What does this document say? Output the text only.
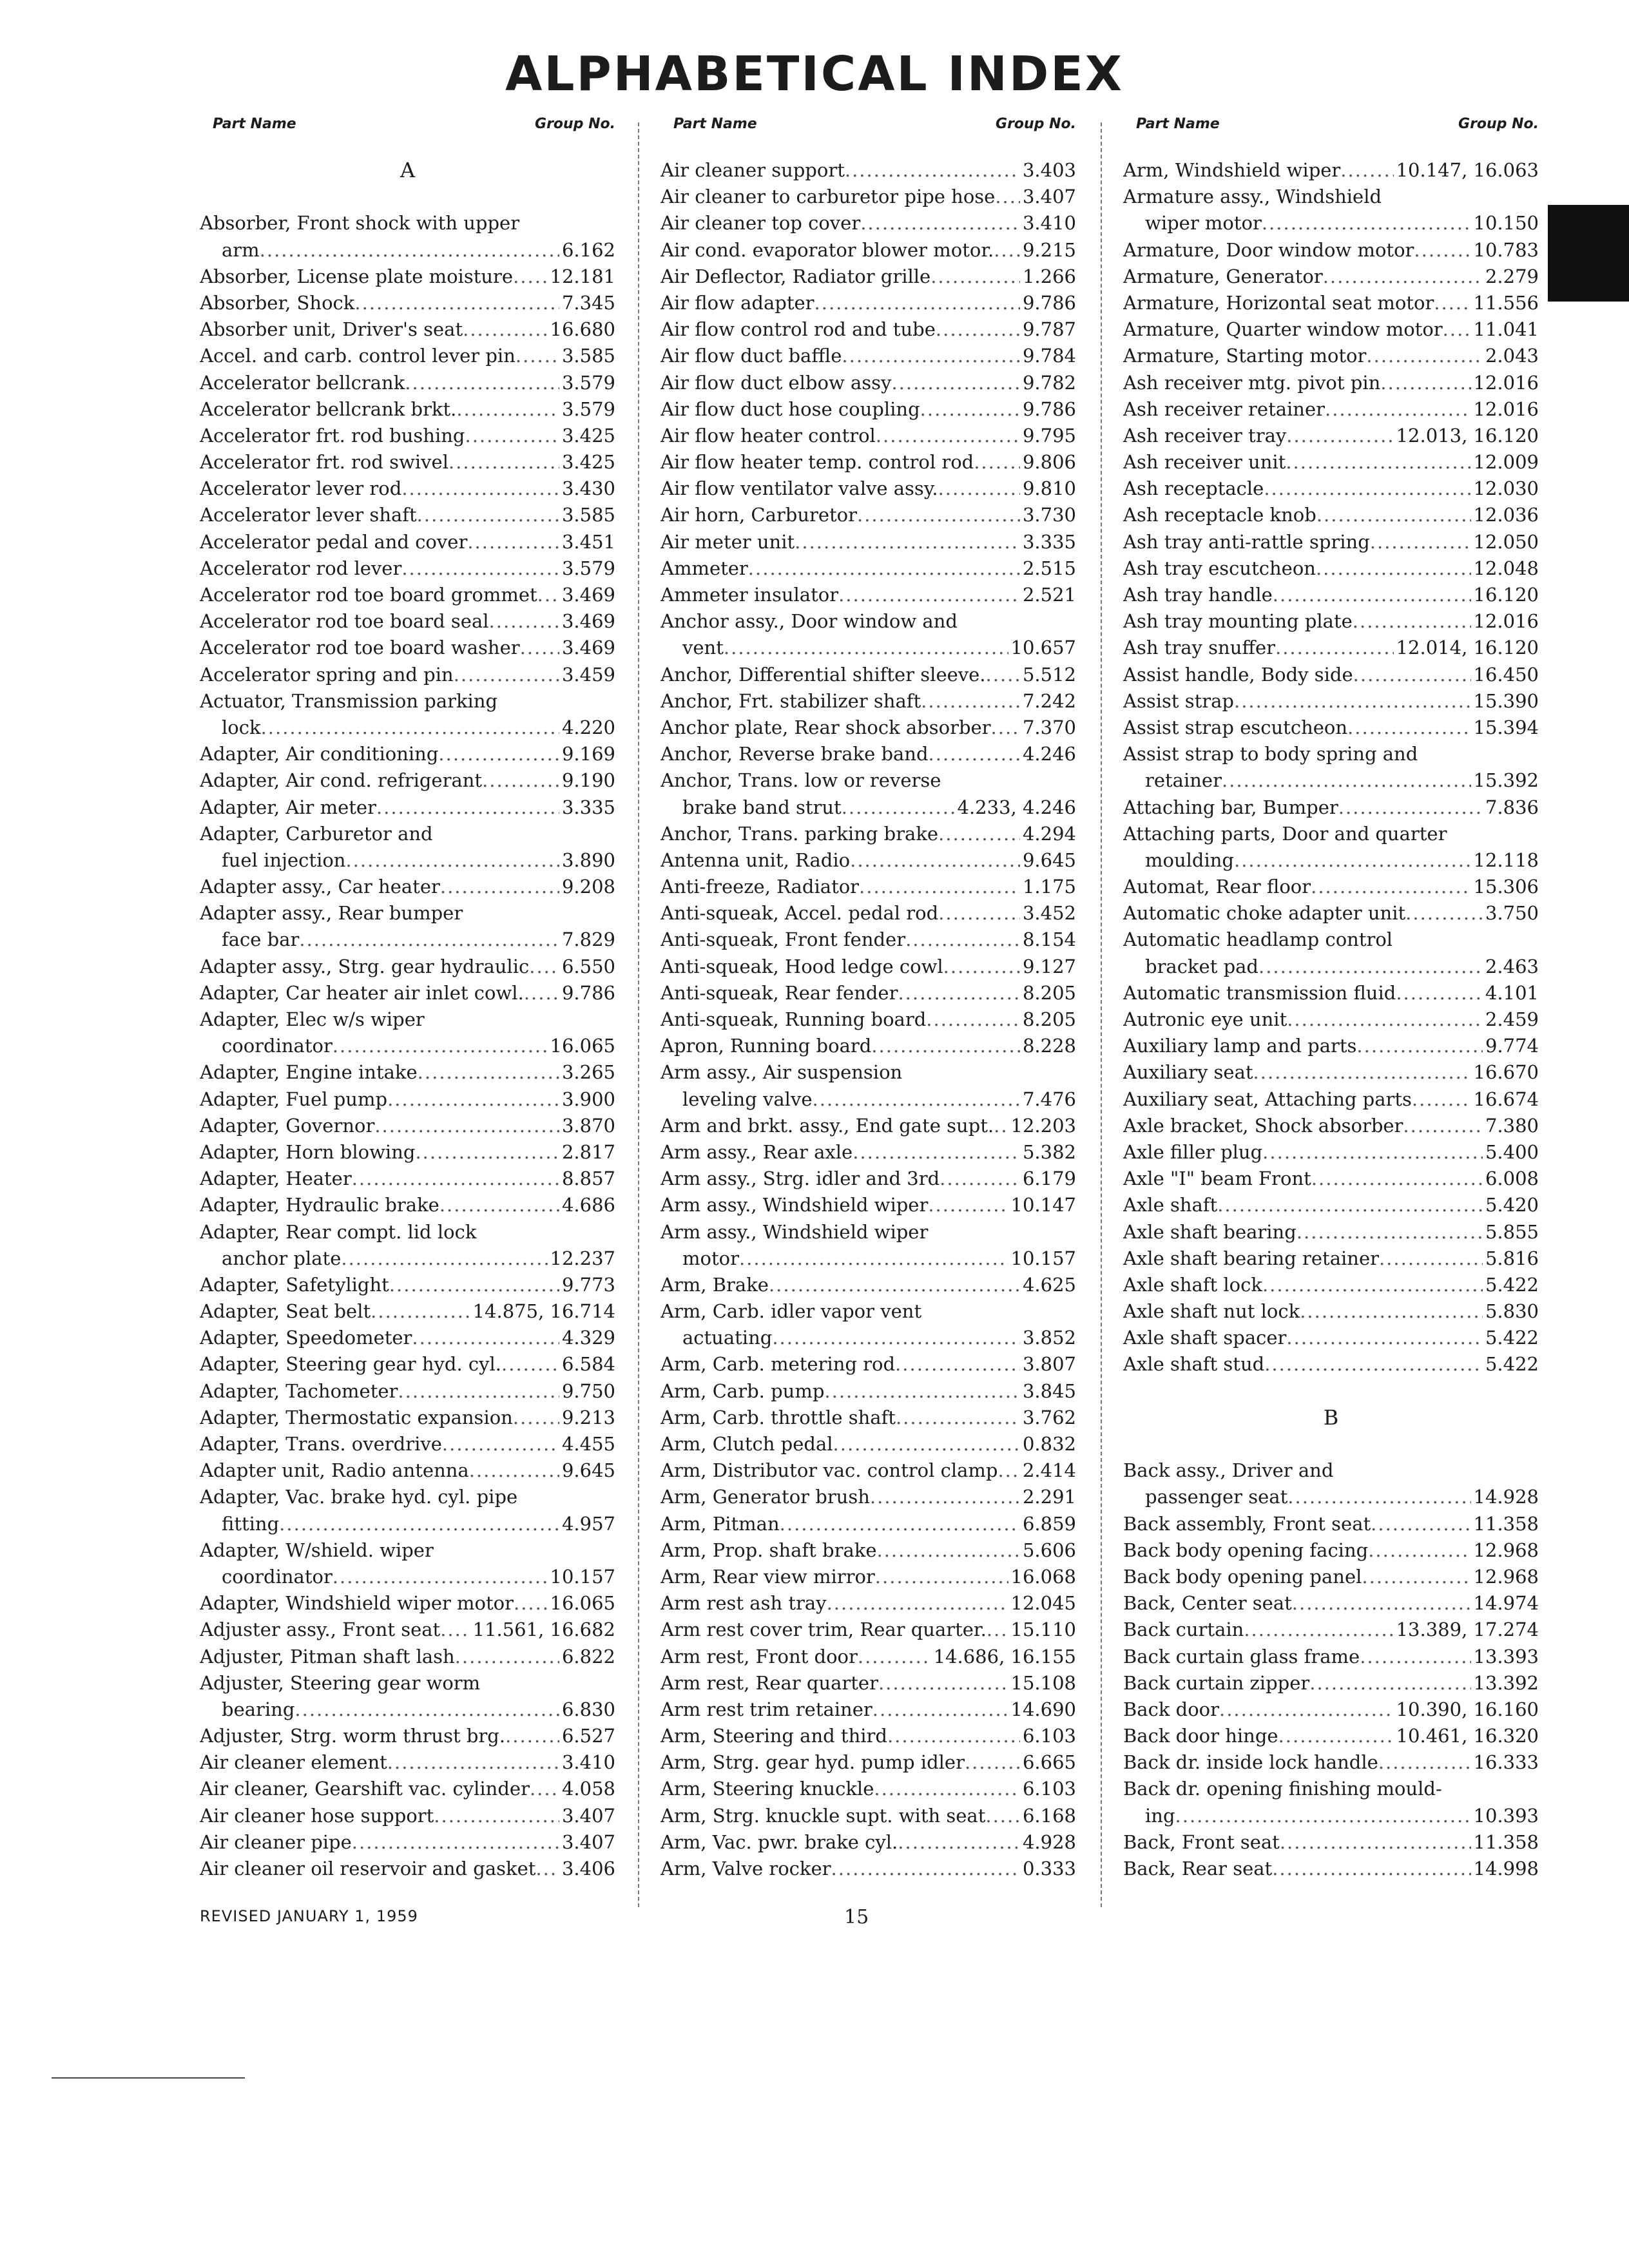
ALPHABETICAL INDEX
Part Name	Group No.
A
Absorber, Front shock with upper
arm .....	6.162
Absorber, License plate moisture ..... 12.181
Absorber, Shock .....	7.345
Absorber unit, Driver's seat .....	16.680
Accel. and carb. control lever pin ..... 3.585
Accelerator bellcrank .....	3.579
Accelerator bellcrank brkt. .....	3.579
Accelerator frt. rod bushing .....	3.425
Accelerator frt. rod swivel .....	3.425
Accelerator lever rod .....	3.430
Accelerator lever shaft .....	3.585
Accelerator pedal and cover .....	3.451
Accelerator rod lever .....	3.579
Accelerator rod toe board grommet ..... 3.469
Accelerator rod toe board seal .....	3.469
Accelerator rod toe board washer ..... 3.469
Accelerator spring and pin .....	3.459
Actuator, Transmission parking
lock .....	4.220
Adapter, Air conditioning .....	9.169
Adapter, Air cond. refrigerant .....	9.190
Adapter, Air meter .....	3.335
Adapter, Carburetor and
fuel injection .....	3.890
Adapter assy., Car heater .....	9.208
Adapter assy., Rear bumper
face bar .....	7.829
Adapter assy., Strg. gear hydraulic ..... 6.550
Adapter, Car heater air inlet cowl. ..... 9.786
Adapter, Elec w/s wiper
coordinator .....	16.065
Adapter, Engine intake .....	3.265
Adapter, Fuel pump .....	3.900
Adapter, Governor .....	3.870
Adapter, Horn blowing .....	2.817
Adapter, Heater .....	8.857
Adapter, Hydraulic brake .....	4.686
Adapter, Rear compt. lid lock
anchor plate .....	12.237
Adapter, Safetylight .....	9.773
Adapter, Seat belt .....	14.875, 16.714
Adapter, Speedometer .....	4.329
Adapter, Steering gear hyd. cyl. .....	6.584
Adapter, Tachometer .....	9.750
Adapter, Thermostatic expansion .....	9.213
Adapter, Trans. overdrive .....	4.455
Adapter unit, Radio antenna .....	9.645
Adapter, Vac. brake hyd. cyl. pipe
fitting .....	4.957
Adapter, W/shield. wiper
coordinator .....	10.157
Adapter, Windshield wiper motor ..... 16.065
Adjuster assy., Front seat ..... 11.561, 16.682
Adjuster, Pitman shaft lash .....	6.822
Adjuster, Steering gear worm
bearing .....	6.830
Adjuster, Strg. worm thrust brg. .....	6.527
Air cleaner element .....	3.410
Air cleaner, Gearshift vac. cylinder ..... 4.058
Air cleaner hose support .....	3.407
Air cleaner pipe .....	3.407
Air cleaner oil reservoir and gasket ..... 3.406
Part Name	Group No.
Air cleaner support .....	3.403
Air cleaner to carburetor pipe hose ..... 3.407
Air cleaner top cover .....	3.410
Air cond. evaporator blower motor. ..... 9.215
Air Deflector, Radiator grille .....	1.266
Air flow adapter .....	9.786
Air flow control rod and tube .....	9.787
Air flow duct baffle .....	9.784
Air flow duct elbow assy .....	9.782
Air flow duct hose coupling .....	9.786
Air flow heater control .....	9.795
Air flow heater temp. control rod .....	9.806
Air flow ventilator valve assy. .....	9.810
Air horn, Carburetor .....	3.730
Air meter unit .....	3.335
Ammeter .....	2.515
Ammeter insulator .....	2.521
Anchor assy., Door window and
vent .....	10.657
Anchor, Differential shifter sleeve. ..... 5.512
Anchor, Frt. stabilizer shaft .....	7.242
Anchor plate, Rear shock absorber ..... 7.370
Anchor, Reverse brake band .....	4.246
Anchor, Trans. low or reverse
brake band strut .....	4.233, 4.246
Anchor, Trans. parking brake .....	4.294
Antenna unit, Radio .....	9.645
Anti-freeze, Radiator .....	1.175
Anti-squeak, Accel. pedal rod .....	3.452
Anti-squeak, Front fender .....	8.154
Anti-squeak, Hood ledge cowl .....	9.127
Anti-squeak, Rear fender .....	8.205
Anti-squeak, Running board .....	8.205
Apron, Running board .....	8.228
Arm assy., Air suspension
leveling valve .....	7.476
Arm and brkt. assy., End gate supt. ..... 12.203
Arm assy., Rear axle .....	5.382
Arm assy., Strg. idler and 3rd .....	6.179
Arm assy., Windshield wiper .....	10.147
Arm assy., Windshield wiper
motor .....	10.157
Arm, Brake .....	4.625
Arm, Carb. idler vapor vent
actuating .....	3.852
Arm, Carb. metering rod .....	3.807
Arm, Carb. pump .....	3.845
Arm, Carb. throttle shaft .....	3.762
Arm, Clutch pedal .....	0.832
Arm, Distributor vac. control clamp ..... 2.414
Arm, Generator brush .....	2.291
Arm, Pitman .....	6.859
Arm, Prop. shaft brake .....	5.606
Arm, Rear view mirror .....	16.068
Arm rest ash tray .....	12.045
Arm rest cover trim, Rear quarter. ..... 15.110
Arm rest, Front door .....	14.686, 16.155
Arm rest, Rear quarter .....	15.108
Arm rest trim retainer .....	14.690
Arm, Steering and third .....	6.103
Arm, Strg. gear hyd. pump idler .....	6.665
Arm, Steering knuckle .....	6.103
Arm, Strg. knuckle supt. with seat ..... 6.168
Arm, Vac. pwr. brake cyl. .....	4.928
Arm, Valve rocker .....	0.333
Part Name	Group No.
Arm, Windshield wiper .....	10.147, 16.063
Armature assy., Windshield
wiper motor .....	10.150
Armature, Door window motor .....	10.783
Armature, Generator .....	2.279
Armature, Horizontal seat motor ..... 11.556
Armature, Quarter window motor ..... 11.041
Armature, Starting motor .....	2.043
Ash receiver mtg. pivot pin .....	12.016
Ash receiver retainer .....	12.016
Ash receiver tray .....	12.013, 16.120
Ash receiver unit .....	12.009
Ash receptacle .....	12.030
Ash receptacle knob .....	12.036
Ash tray anti-rattle spring .....	12.050
Ash tray escutcheon .....	12.048
Ash tray handle .....	16.120
Ash tray mounting plate .....	12.016
Ash tray snuffer .....	12.014, 16.120
Assist handle, Body side .....	16.450
Assist strap .....	15.390
Assist strap escutcheon .....	15.394
Assist strap to body spring and
retainer .....	15.392
Attaching bar, Bumper .....	7.836
Attaching parts, Door and quarter
moulding .....	12.118
Automat, Rear floor .....	15.306
Automatic choke adapter unit .....	3.750
Automatic headlamp control
bracket pad .....	2.463
Automatic transmission fluid .....	4.101
Autronic eye unit .....	2.459
Auxiliary lamp and parts .....	9.774
Auxiliary seat .....	16.670
Auxiliary seat, Attaching parts .....	16.674
Axle bracket, Shock absorber .....	7.380
Axle filler plug .....	5.400
Axle "I" beam Front .....	6.008
Axle shaft .....	5.420
Axle shaft bearing .....	5.855
Axle shaft bearing retainer .....	5.816
Axle shaft lock .....	5.422
Axle shaft nut lock .....	5.830
Axle shaft spacer .....	5.422
Axle shaft stud .....	5.422
B
Back assy., Driver and
passenger seat .....	14.928
Back assembly, Front seat .....	11.358
Back body opening facing .....	12.968
Back body opening panel .....	12.968
Back, Center seat .....	14.974
Back curtain .....	13.389, 17.274
Back curtain glass frame .....	13.393
Back curtain zipper .....	13.392
Back door .....	10.390, 16.160
Back door hinge .....	10.461, 16.320
Back dr. inside lock handle .....	16.333
Back dr. opening finishing mould-
ing .....	10.393
Back, Front seat .....	11.358
Back, Rear seat .....	14.998
REVISED JANUARY 1, 1959	15
